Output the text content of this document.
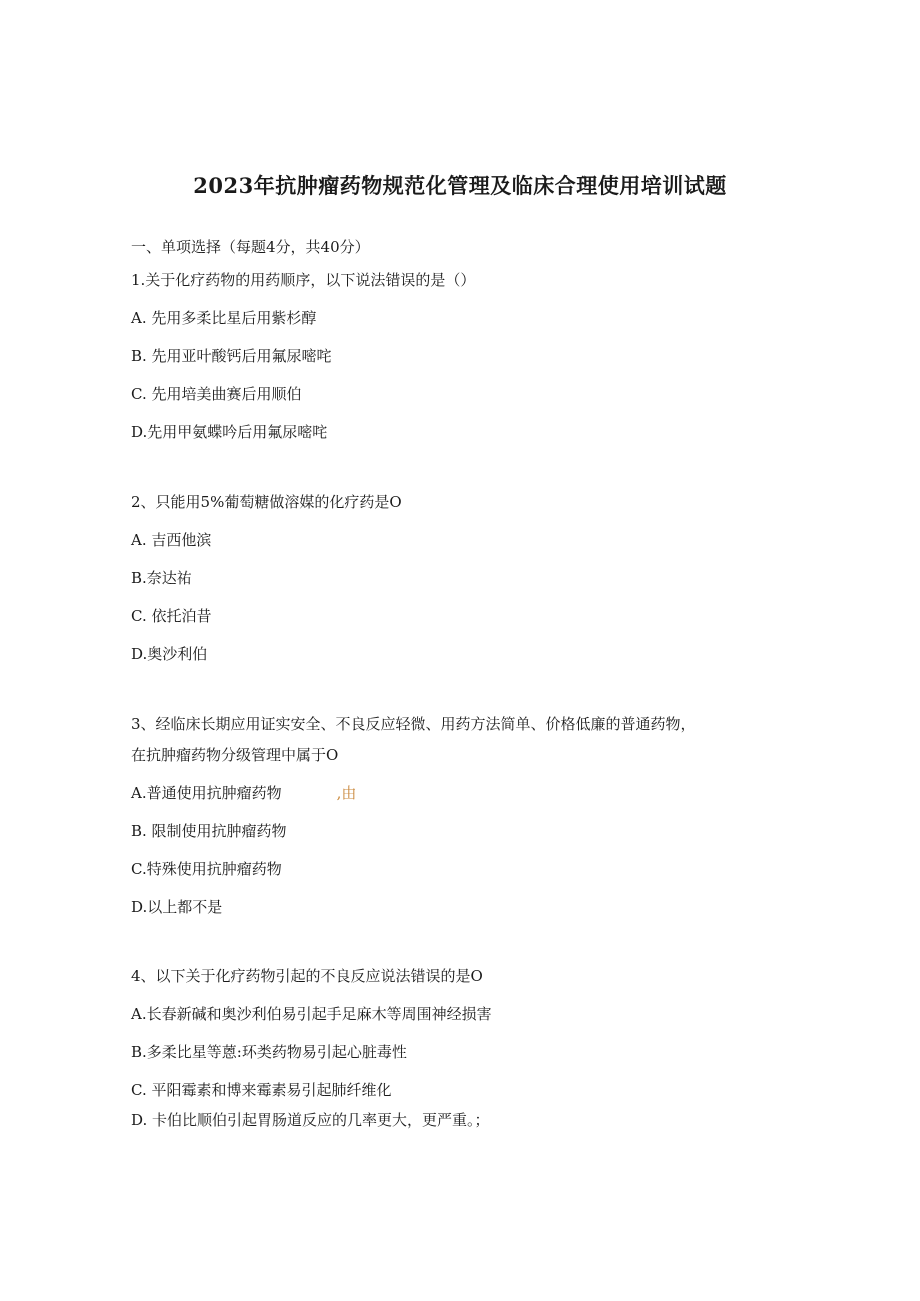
2023年抗肿瘤药物规范化管理及临床合理使用培训试题

一、单项选择（每题4分，共40分）

1.关于化疗药物的用药顺序，以下说法错误的是（）

A. 先用多柔比星后用紫杉醇

B. 先用亚叶酸钙后用氟尿嘧咤

C. 先用培美曲赛后用顺伯

D.先用甲氨蝶吟后用氟尿嘧咤

2、只能用5%葡萄糖做溶媒的化疗药是O

A. 吉西他滨

B.奈达祐

C. 依托泊昔

D.奥沙利伯

3、经临床长期应用证实安全、不良反应轻微、用药方法简单、价格低廉的普通药物，

在抗肿瘤药物分级管理中属于O

A.普通使用抗肿瘤药物	,由

B. 限制使用抗肿瘤药物

C.特殊使用抗肿瘤药物

D.以上都不是

4、以下关于化疗药物引起的不良反应说法错误的是O

A.长春新碱和奥沙利伯易引起手足麻木等周围神经损害

B.多柔比星等蒽:环类药物易引起心脏毒性

C. 平阳霉素和博来霉素易引起肺纤维化

D. 卡伯比顺伯引起胃肠道反应的几率更大，更严重。；
